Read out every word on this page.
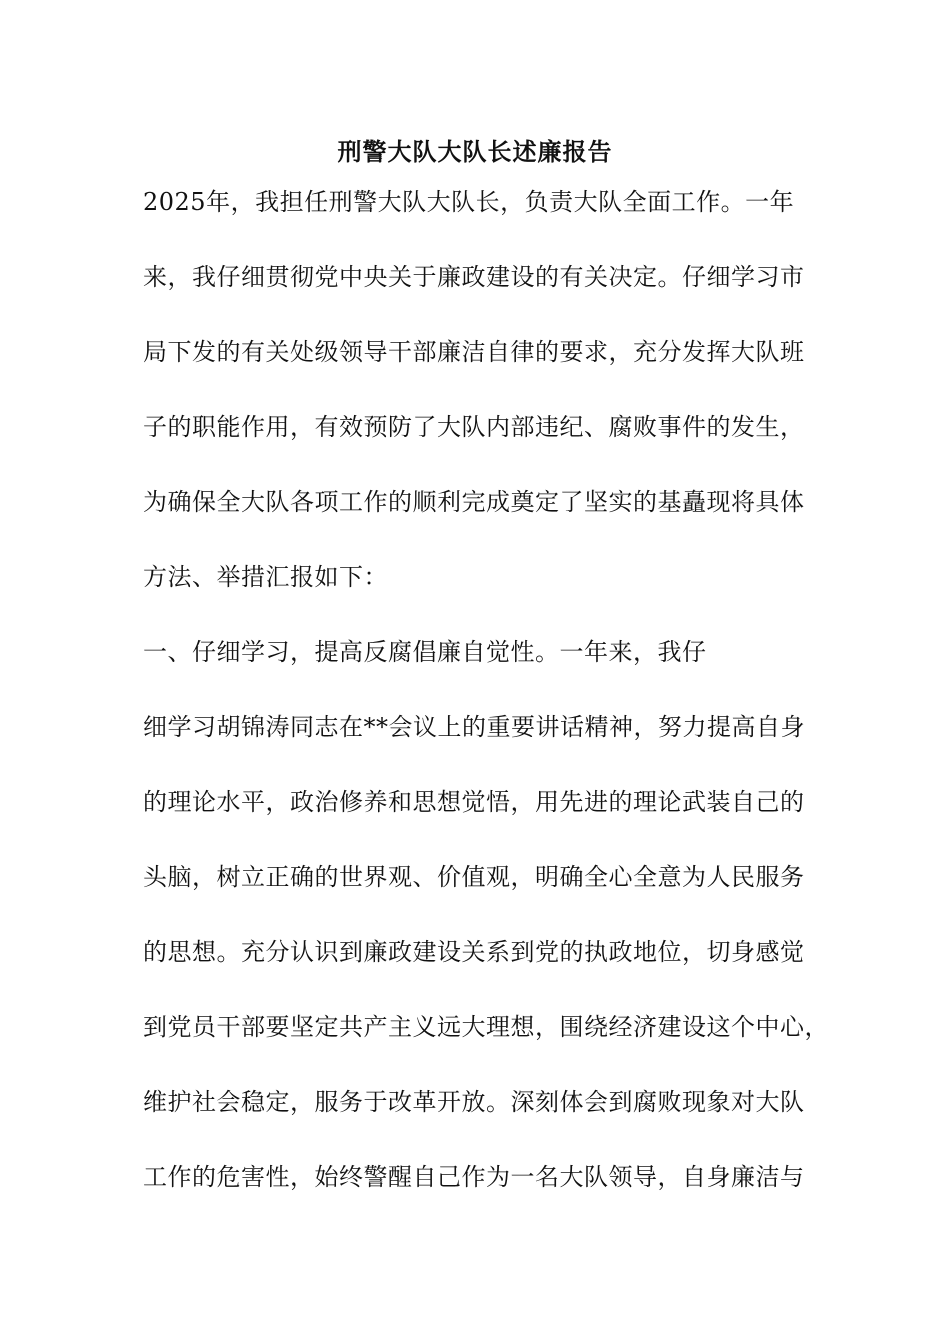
刑警大队大队长述廉报告
2025年，我担任刑警大队大队长，负责大队全面工作。一年
来，我仔细贯彻党中央关于廉政建设的有关决定。仔细学习市
局下发的有关处级领导干部廉洁自律的要求，充分发挥大队班
子的职能作用，有效预防了大队内部违纪、腐败事件的发生，
为确保全大队各项工作的顺利完成奠定了坚实的基矗现将具体
方法、举措汇报如下：
一、仔细学习，提高反腐倡廉自觉性。一年来，我仔
细学习胡锦涛同志在**会议上的重要讲话精神，努力提高自身
的理论水平，政治修养和思想觉悟，用先进的理论武装自己的
头脑，树立正确的世界观、价值观，明确全心全意为人民服务
的思想。充分认识到廉政建设关系到党的执政地位，切身感觉
到党员干部要坚定共产主义远大理想，围绕经济建设这个中心，
维护社会稳定，服务于改革开放。深刻体会到腐败现象对大队
工作的危害性，始终警醒自己作为一名大队领导，自身廉洁与
